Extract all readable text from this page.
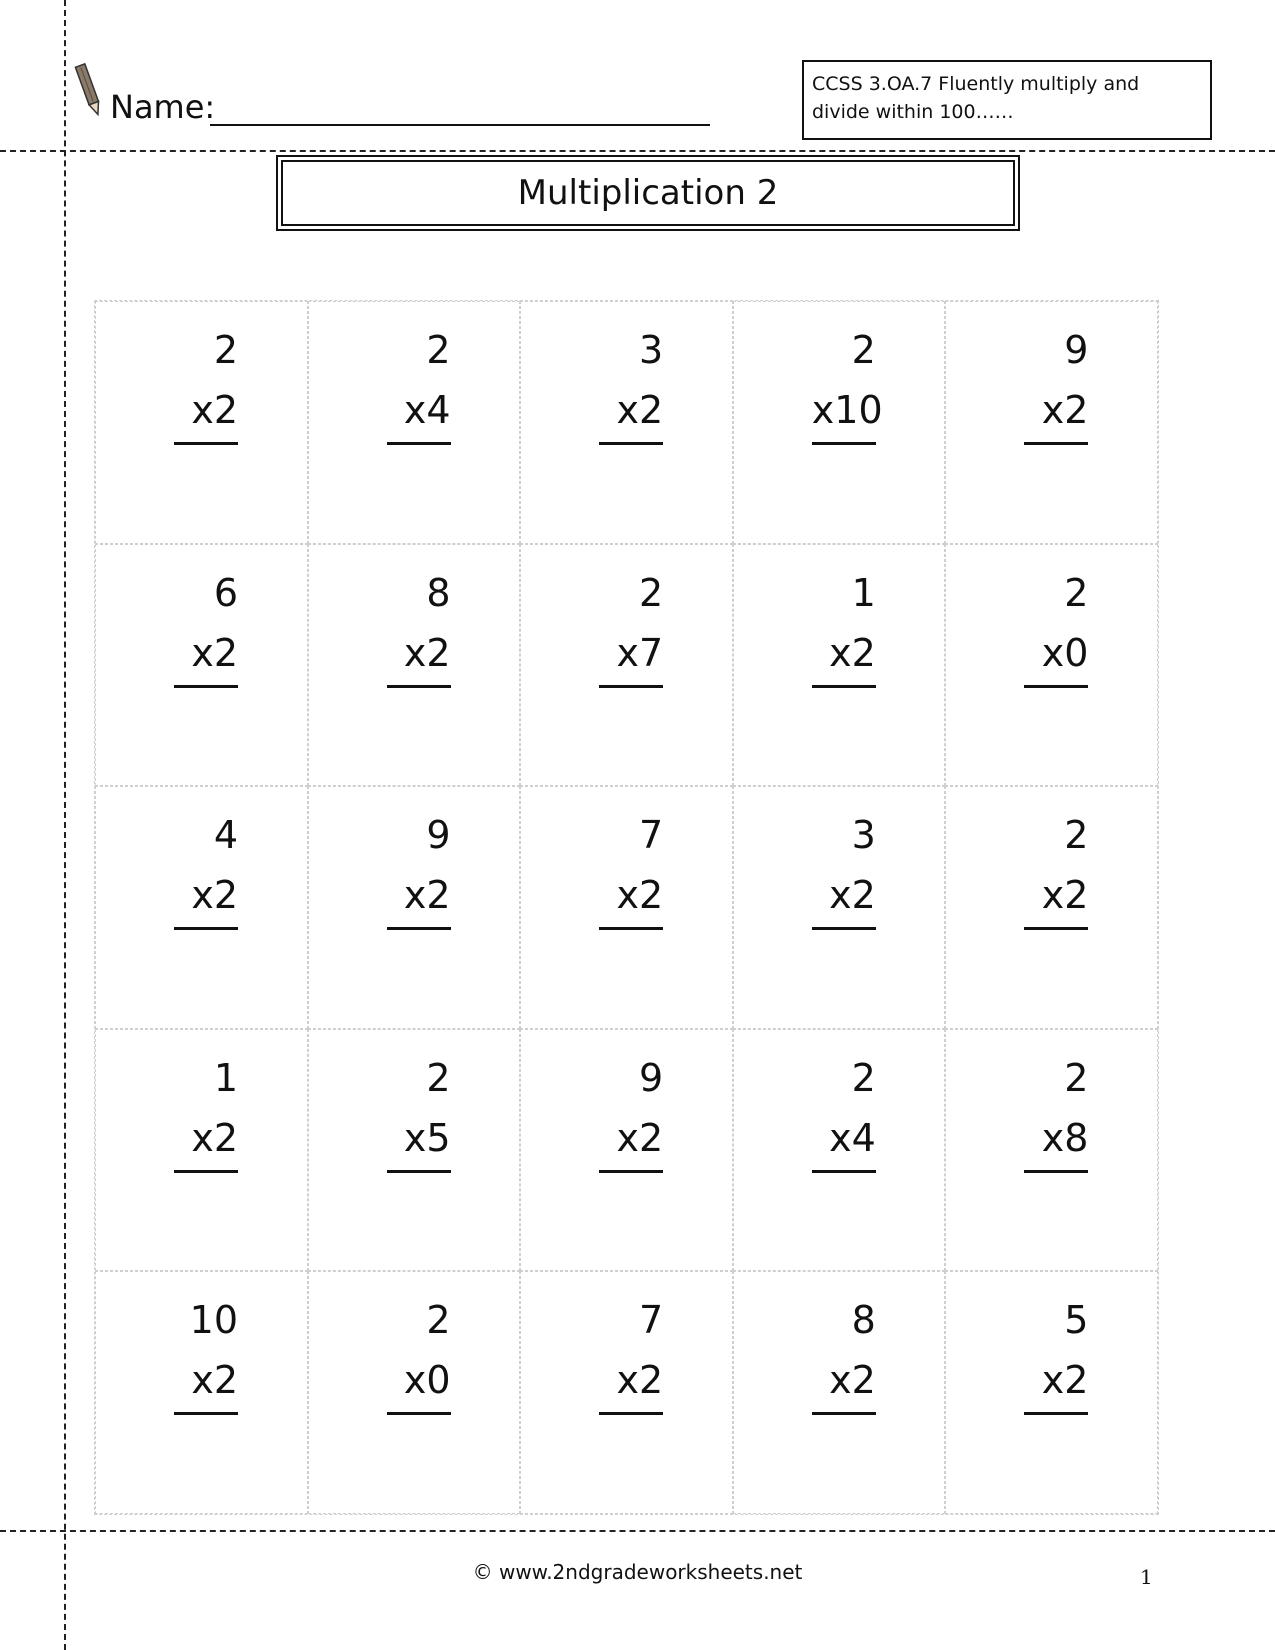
Name:
CCSS 3.OA.7 Fluently multiply and divide within 100……
Multiplication 2
2
x2
2
x4
3
x2
2
x10
9
x2
6
x2
8
x2
2
x7
1
x2
2
x0
4
x2
9
x2
7
x2
3
x2
2
x2
1
x2
2
x5
9
x2
2
x4
2
x8
10
x2
2
x0
7
x2
8
x2
5
x2
© www.2ndgradeworksheets.net	1
